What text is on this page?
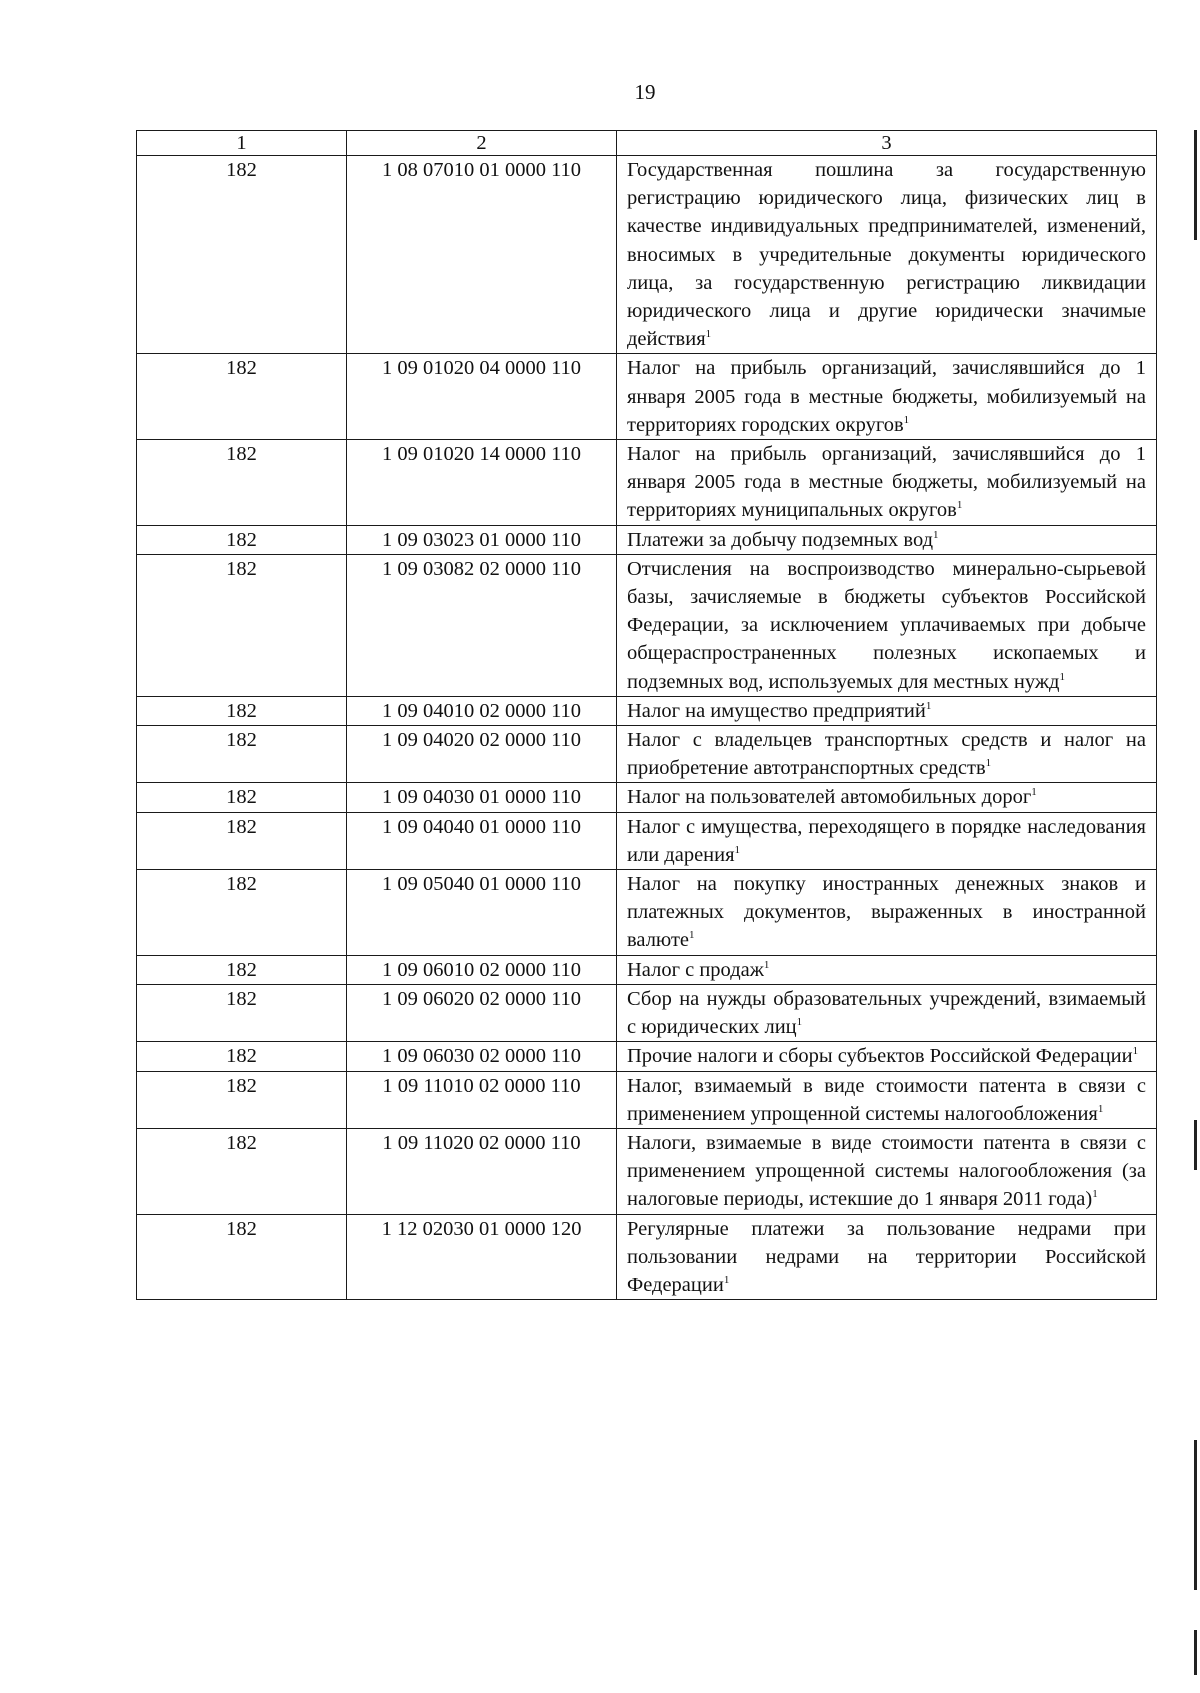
19
1	2	3
182	1 08 07010 01 0000 110	Государственная пошлина за государственную регистрацию юридического лица, физических лиц в качестве индивидуальных предпринимателей, изменений, вносимых в учредительные документы юридического лица, за государственную регистрацию ликвидации юридического лица и другие юридически значимые действия$^1$
182	1 09 01020 04 0000 110	Налог на прибыль организаций, зачислявшийся до 1 января 2005 года в местные бюджеты, мобилизуемый на территориях городских округов$^1$
182	1 09 01020 14 0000 110	Налог на прибыль организаций, зачислявшийся до 1 января 2005 года в местные бюджеты, мобилизуемый на территориях муниципальных округов$^1$
182	1 09 03023 01 0000 110	Платежи за добычу подземных вод$^1$
182	1 09 03082 02 0000 110	Отчисления на воспроизводство минерально-сырьевой базы, зачисляемые в бюджеты субъектов Российской Федерации, за исключением уплачиваемых при добыче общераспространенных полезных ископаемых и подземных вод, используемых для местных нужд$^1$
182	1 09 04010 02 0000 110	Налог на имущество предприятий$^1$
182	1 09 04020 02 0000 110	Налог с владельцев транспортных средств и налог на приобретение автотранспортных средств$^1$
182	1 09 04030 01 0000 110	Налог на пользователей автомобильных дорог$^1$
182	1 09 04040 01 0000 110	Налог с имущества, переходящего в порядке наследования или дарения$^1$
182	1 09 05040 01 0000 110	Налог на покупку иностранных денежных знаков и платежных документов, выраженных в иностранной валюте$^1$
182	1 09 06010 02 0000 110	Налог с продаж$^1$
182	1 09 06020 02 0000 110	Сбор на нужды образовательных учреждений, взимаемый с юридических лиц$^1$
182	1 09 06030 02 0000 110	Прочие налоги и сборы субъектов Российской Федерации$^1$
182	1 09 11010 02 0000 110	Налог, взимаемый в виде стоимости патента в связи с применением упрощенной системы налогообложения$^1$
182	1 09 11020 02 0000 110	Налоги, взимаемые в виде стоимости патента в связи с применением упрощенной системы налогообложения (за налоговые периоды, истекшие до 1 января 2011 года)$^1$
182	1 12 02030 01 0000 120	Регулярные платежи за пользование недрами при пользовании недрами на территории Российской Федерации$^1$
